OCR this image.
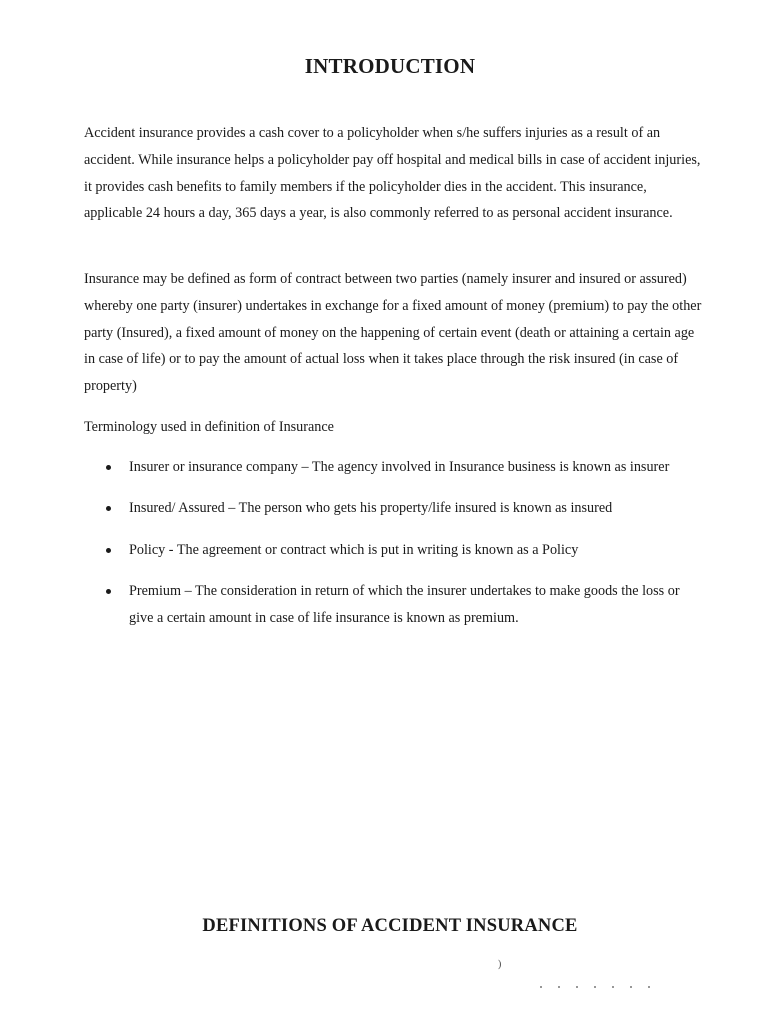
INTRODUCTION

Accident insurance provides a cash cover to a policyholder when s/he suffers injuries as a result of an accident. While insurance helps a policyholder pay off hospital and medical bills in case of accident injuries, it provides cash benefits to family members if the policyholder dies in the accident. This insurance, applicable 24 hours a day, 365 days a year, is also commonly referred to as personal accident insurance.

Insurance may be defined as form of contract between two parties (namely insurer and insured or assured) whereby one party (insurer) undertakes in exchange for a fixed amount of money (premium) to pay the other party (Insured), a fixed amount of money on the happening of certain event (death or attaining a certain age in case of life) or to pay the amount of actual loss when it takes place through the risk insured (in case of property)

Terminology used in definition of Insurance

Insurer or insurance company – The agency involved in Insurance business is known as insurer
Insured/ Assured – The person who gets his property/life insured is known as insured
Policy - The agreement or contract which is put in writing is known as a Policy
Premium – The consideration in return of which the insurer undertakes to make goods the loss or give a certain amount in case of life insurance is known as premium.
DEFINITIONS OF ACCIDENT INSURANCE
)
